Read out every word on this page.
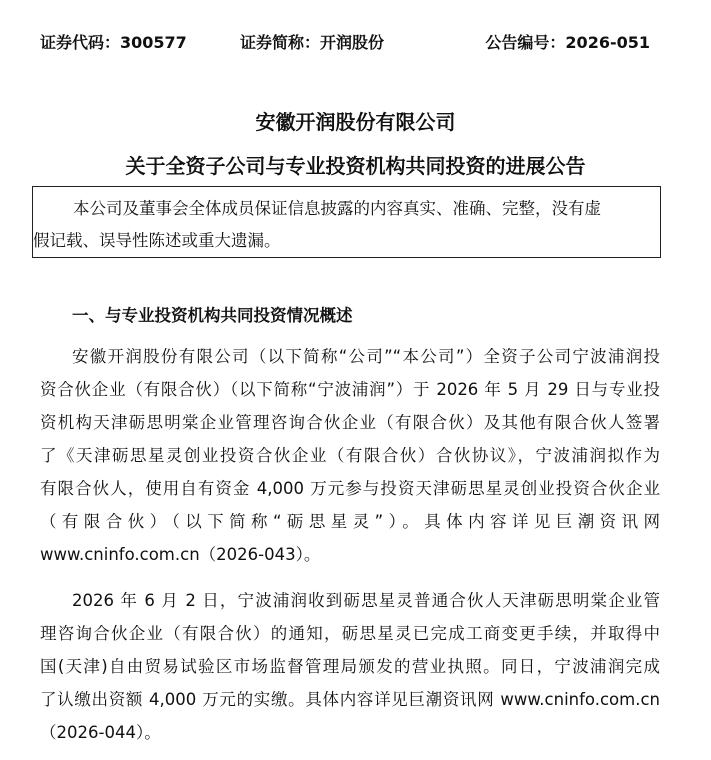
证券代码：300577	证券简称：开润股份	公告编号：2026-051
安徽开润股份有限公司
关于全资子公司与专业投资机构共同投资的进展公告

本公司及董事会全体成员保证信息披露的内容真实、准确、完整，没有虚

假记载、误导性陈述或重大遗漏。

一、与专业投资机构共同投资情况概述
安徽开润股份有限公司（以下简称“公司”“本公司”）全资子公司宁波浦润投
资合伙企业（有限合伙）（以下简称“宁波浦润”）于 2026 年 5 月 29 日与专业投
资机构天津砺思明棠企业管理咨询合伙企业（有限合伙）及其他有限合伙人签署
了《天津砺思星灵创业投资合伙企业（有限合伙）合伙协议》，宁波浦润拟作为
有限合伙人，使用自有资金 4,000 万元参与投资天津砺思星灵创业投资合伙企业
（有限合伙）（以下简称“砺思星灵”）。具体内容详见巨潮资讯网
www.cninfo.com.cn（2026-043）。
2026 年 6 月 2 日，宁波浦润收到砺思星灵普通合伙人天津砺思明棠企业管
理咨询合伙企业（有限合伙）的通知，砺思星灵已完成工商变更手续，并取得中
国(天津)自由贸易试验区市场监督管理局颁发的营业执照。同日，宁波浦润完成
了认缴出资额 4,000 万元的实缴。具体内容详见巨潮资讯网 www.cninfo.com.cn
（2026-044）。
